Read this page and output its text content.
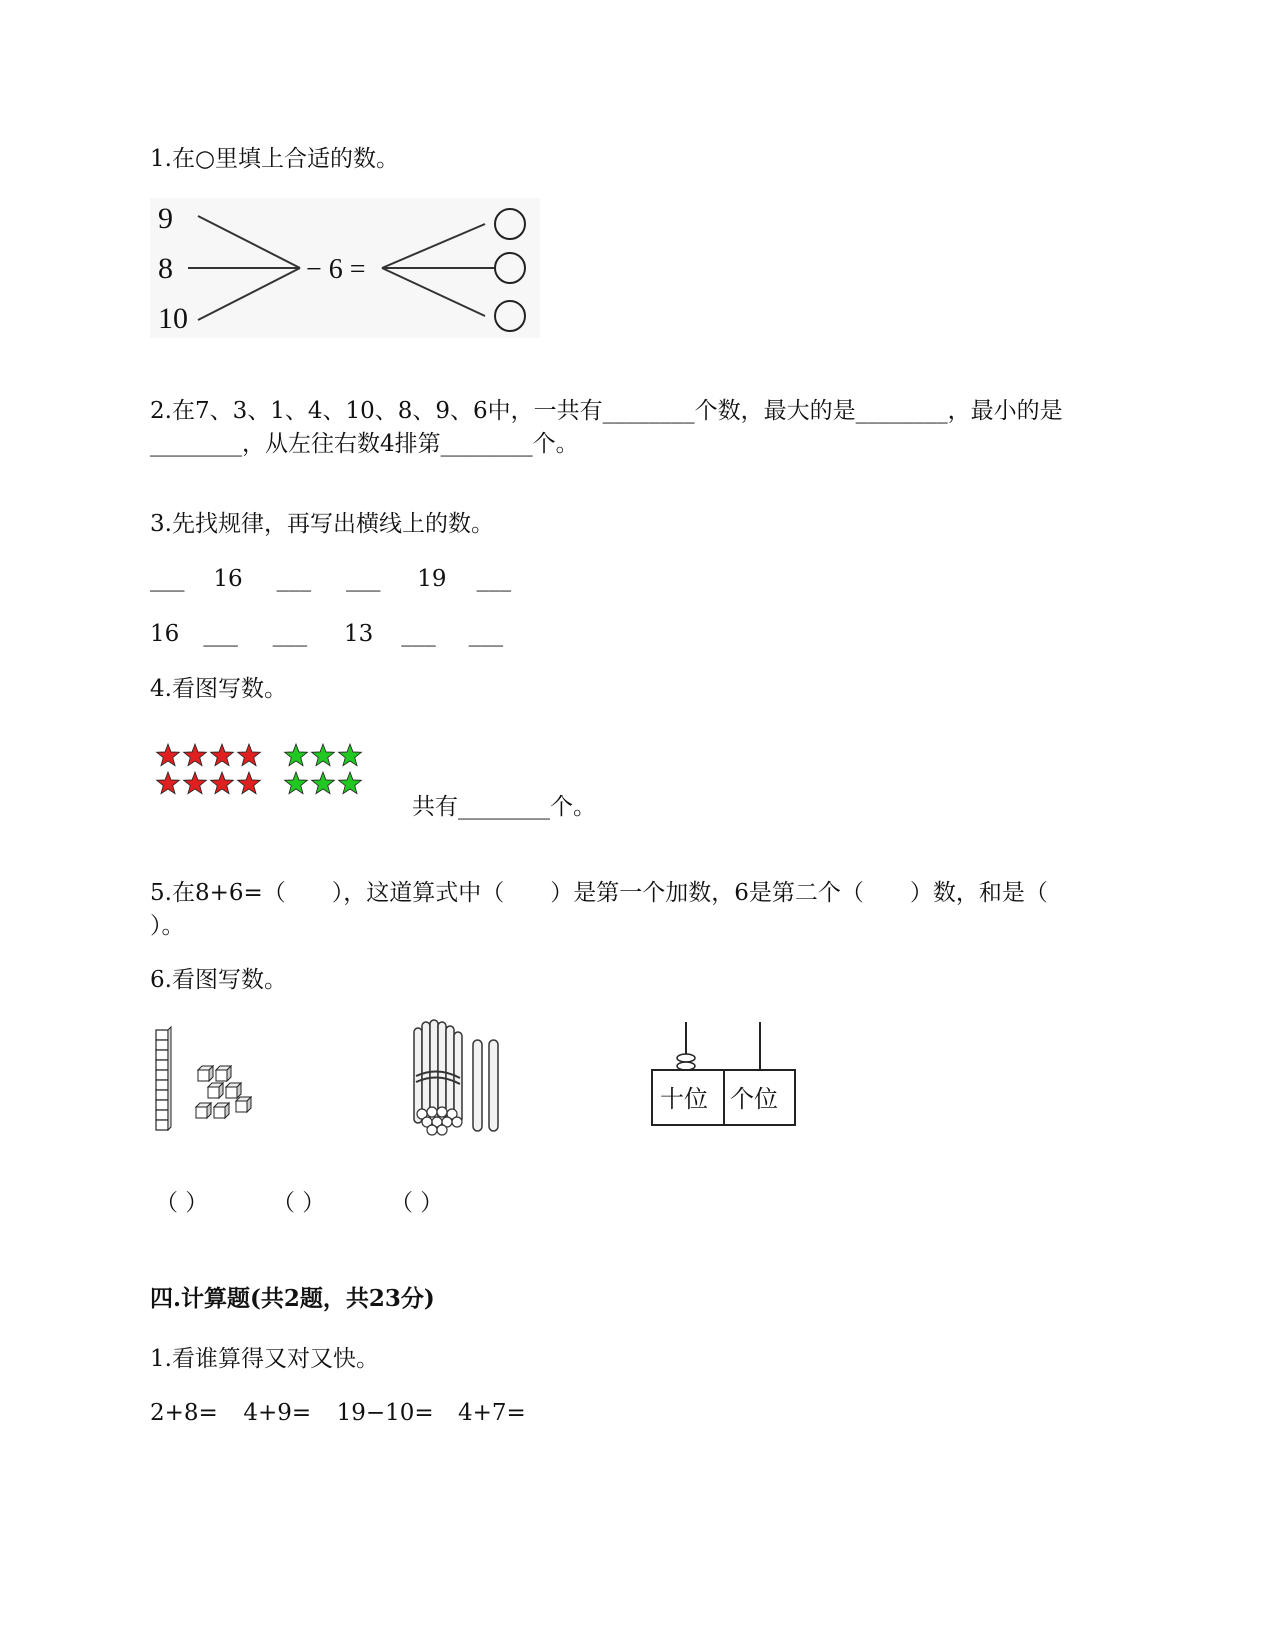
1.在○里填上合适的数。
9
8
10
− 6 =
2.在7、3、1、4、10、8、9、6中，一共有________个数，最大的是________，最小的是
________，从左往右数4排第________个。
3.先找规律，再写出横线上的数。
___ 16 ___ ___ 19 ___
16 ___ ___ 13 ___ ___
4.看图写数。
共有________个。
5.在8+6=（　　），这道算式中（　　）是第一个加数，6是第二个（　　）数，和是（
）。
6.看图写数。
十位 个位
（ ）	（ ）	（ ）
四.计算题(共2题，共23分)
1.看谁算得又对又快。
2+8= 4+9= 19−10= 4+7=
